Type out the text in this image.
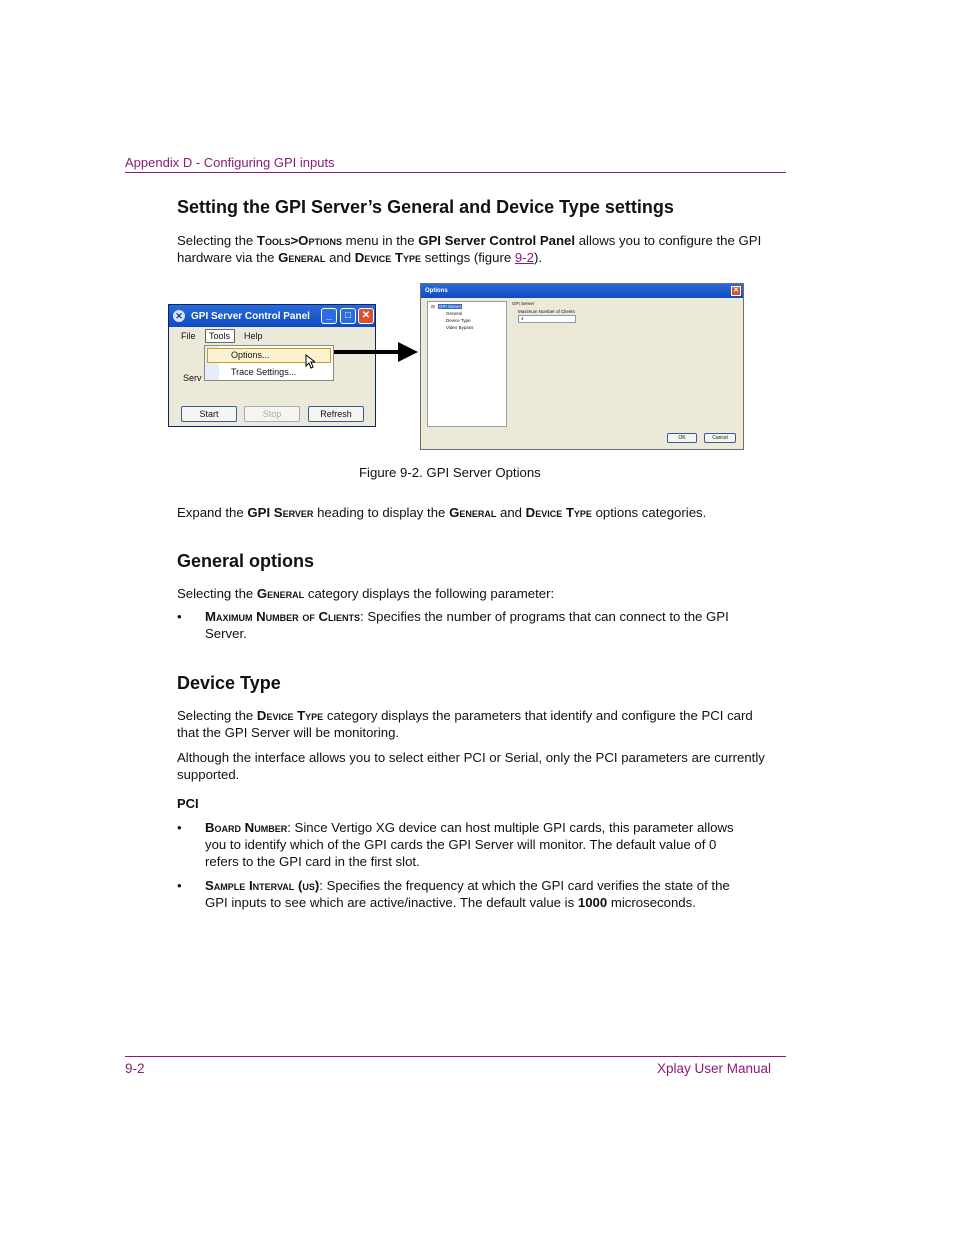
Appendix D - Configuring GPI inputs
Setting the GPI Server’s General and Device Type settings

Selecting the Tools>Options menu in the GPI Server Control Panel allows you to configure the GPI hardware via the General and Device Type settings (figure 9-2).

✕ GPI Server Control Panel	_	□	✕
File Tools Help
Serv
Options...
Trace Settings...
Start	Stop	Refresh
Options	✕
⊟ GPI Server
General
Device Type
Video Bypass
GPI Server
Maximum Number of Clients
4
OK	Cancel
Figure 9-2. GPI Server Options

Expand the GPI Server heading to display the General and Device Type options categories.

General options

Selecting the General category displays the following parameter:

• Maximum Number of Clients: Specifies the number of programs that can connect to the GPI Server.
Device Type

Selecting the Device Type category displays the parameters that identify and configure the PCI card that the GPI Server will be monitoring.

Although the interface allows you to select either PCI or Serial, only the PCI parameters are currently supported.

PCI
• Board Number: Since Vertigo XG device can host multiple GPI cards, this parameter allows you to identify which of the GPI cards the GPI Server will monitor. The default value of 0 refers to the GPI card in the first slot.
• Sample Interval (us): Specifies the frequency at which the GPI card verifies the state of the GPI inputs to see which are active/inactive. The default value is 1000 microseconds.
9-2	Xplay User Manual
